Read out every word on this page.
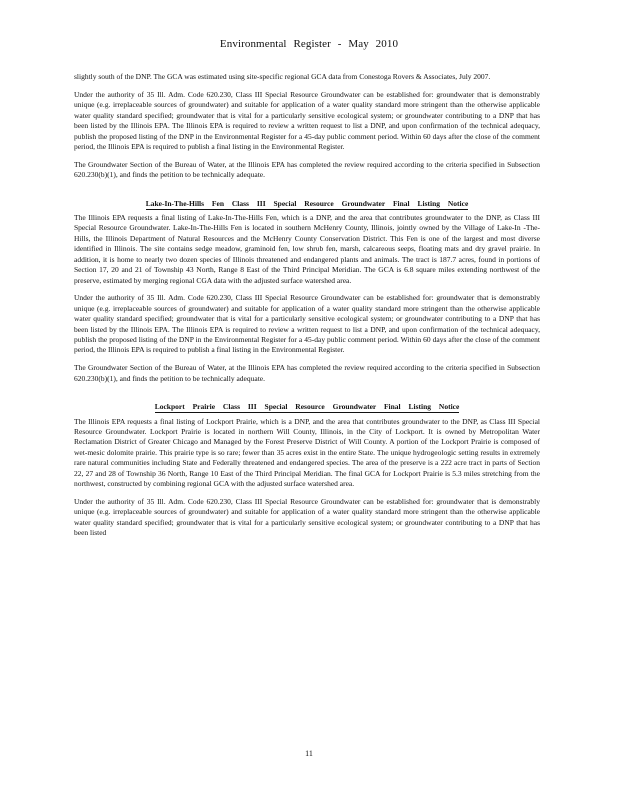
Environmental Register - May 2010

slightly south of the DNP. The GCA was estimated using site-specific regional GCA data from Conestoga Rovers & Associates, July 2007.

Under the authority of 35 Ill. Adm. Code 620.230, Class III Special Resource Groundwater can be established for: groundwater that is demonstrably unique (e.g. irreplaceable sources of groundwater) and suitable for application of a water quality standard more stringent than the otherwise applicable water quality standard specified; groundwater that is vital for a particularly sensitive ecological system; or groundwater contributing to a DNP that has been listed by the Illinois EPA. The Illinois EPA is required to review a written request to list a DNP, and upon confirmation of the technical adequacy, publish the proposed listing of the DNP in the Environmental Register for a 45-day public comment period. Within 60 days after the close of the comment period, the Illinois EPA is required to publish a final listing in the Environmental Register.

The Groundwater Section of the Bureau of Water, at the Illinois EPA has completed the review required according to the criteria specified in Subsection 620.230(b)(1), and finds the petition to be technically adequate.

Lake-In-The-Hills Fen Class III Special Resource Groundwater Final Listing Notice

The Illinois EPA requests a final listing of Lake-In-The-Hills Fen, which is a DNP, and the area that contributes groundwater to the DNP, as Class III Special Resource Groundwater. Lake-In-The-Hills Fen is located in southern McHenry County, Illinois, jointly owned by the Village of Lake-In -The-Hills, the Illinois Department of Natural Resources and the McHenry County Conservation District. This Fen is one of the largest and most diverse identified in Illinois. The site contains sedge meadow, graminoid fen, low shrub fen, marsh, calcareous seeps, floating mats and dry gravel prairie. In addition, it is home to nearly two dozen species of Illinois threatened and endangered plants and animals. The tract is 187.7 acres, found in portions of Section 17, 20 and 21 of Township 43 North, Range 8 East of the Third Principal Meridian. The GCA is 6.8 square miles extending northwest of the preserve, estimated by merging regional CGA data with the adjusted surface watershed area.

Under the authority of 35 Ill. Adm. Code 620.230, Class III Special Resource Groundwater can be established for: groundwater that is demonstrably unique (e.g. irreplaceable sources of groundwater) and suitable for application of a water quality standard more stringent than the otherwise applicable water quality standard specified; groundwater that is vital for a particularly sensitive ecological system; or groundwater contributing to a DNP that has been listed by the Illinois EPA. The Illinois EPA is required to review a written request to list a DNP, and upon confirmation of the technical adequacy, publish the proposed listing of the DNP in the Environmental Register for a 45-day public comment period. Within 60 days after the close of the comment period, the Illinois EPA is required to publish a final listing in the Environmental Register.

The Groundwater Section of the Bureau of Water, at the Illinois EPA has completed the review required according to the criteria specified in Subsection 620.230(b)(1), and finds the petition to be technically adequate.

Lockport Prairie Class III Special Resource Groundwater Final Listing Notice

The Illinois EPA requests a final listing of Lockport Prairie, which is a DNP, and the area that contributes groundwater to the DNP, as Class III Special Resource Groundwater. Lockport Prairie is located in northern Will County, Illinois, in the City of Lockport. It is owned by Metropolitan Water Reclamation District of Greater Chicago and Managed by the Forest Preserve District of Will County. A portion of the Lockport Prairie is composed of wet-mesic dolomite prairie. This prairie type is so rare; fewer than 35 acres exist in the entire State. The unique hydrogeologic setting results in extremely rare natural communities including State and Federally threatened and endangered species. The area of the preserve is a 222 acre tract in parts of Section 22, 27 and 28 of Township 36 North, Range 10 East of the Third Principal Meridian. The final GCA for Lockport Prairie is 5.3 miles stretching from the northwest, constructed by combining regional GCA with the adjusted surface watershed area.

Under the authority of 35 Ill. Adm. Code 620.230, Class III Special Resource Groundwater can be established for: groundwater that is demonstrably unique (e.g. irreplaceable sources of groundwater) and suitable for application of a water quality standard more stringent than the otherwise applicable water quality standard specified; groundwater that is vital for a particularly sensitive ecological system; or groundwater contributing to a DNP that has been listed

11
